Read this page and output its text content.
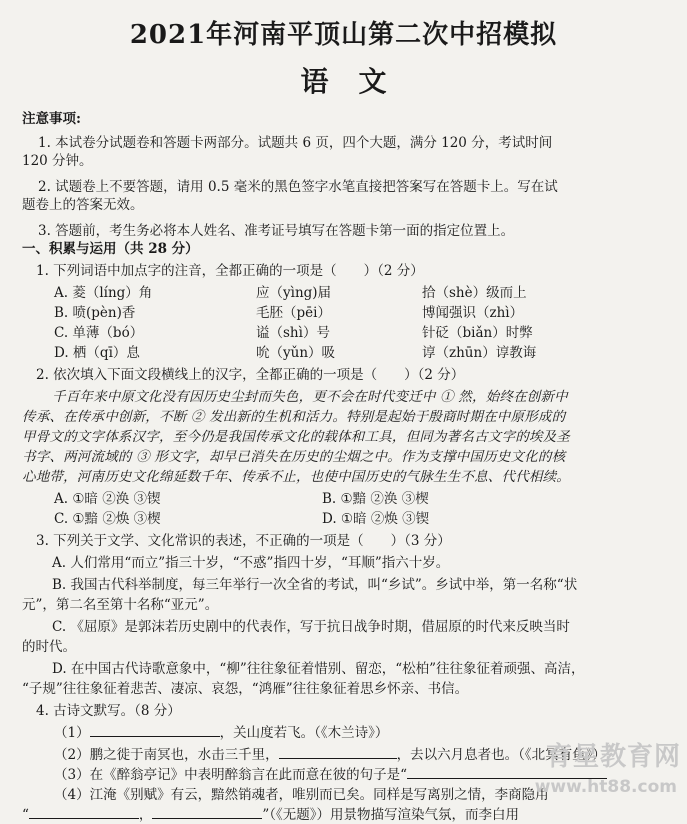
2021年河南平顶山第二次中招模拟
语文
注意事项:
1. 本试卷分试题卷和答题卡两部分。试题共 6 页，四个大题，满分 120 分，考试时间
120 分钟。
2. 试题卷上不要答题，请用 0.5 毫米的黑色签字水笔直接把答案写在答题卡上。写在试
题卷上的答案无效。
3. 答题前，考生务必将本人姓名、准考证号填写在答题卡第一面的指定位置上。
一、积累与运用（共 28 分）
1. 下列词语中加点字的注音，全都正确的一项是（　　）（2 分）
A. 菱（líng）角	应（yìng)届	拾（shè）级而上
B. 喷(pèn)香	毛胚（pēi）	博闻强识（zhì）
C. 单薄（bó）	谥（shì）号	针砭（biǎn）时弊
D. 栖（qī）息	吮（yǔn）吸	谆（zhūn）谆教诲
2. 依次填入下面文段横线上的汉字，全都正确的一项是（　　）（2 分）
千百年来中原文化没有因历史尘封而失色，更不会在时代变迁中 ① 然，始终在创新中
传承、在传承中创新，不断 ② 发出新的生机和活力。特别是起始于殷商时期在中原形成的
甲骨文的文字体系汉字，至今仍是我国传承文化的载体和工具，但同为著名古文字的埃及圣
书字、两河流域的 ③ 形文字，却早已消失在历史的尘烟之中。作为支撑中国历史文化的核
心地带，河南历史文化绵延数千年、传承不止，也使中国历史的气脉生生不息、代代相续。
A. ①暗 ②涣 ③锲	B. ①黯 ②涣 ③楔
C. ①黯 ②焕 ③楔	D. ①暗 ②焕 ③锲
3. 下列关于文学、文化常识的表述，不正确的一项是（　　）（3 分）
A. 人们常用“而立”指三十岁，“不惑”指四十岁，“耳顺”指六十岁。
B. 我国古代科举制度，每三年举行一次全省的考试，叫“乡试”。乡试中举，第一名称“状
元”，第二名至第十名称“亚元”。
C. 《屈原》是郭沫若历史剧中的代表作，写于抗日战争时期，借屈原的时代来反映当时
的时代。
D. 在中国古代诗歌意象中，“柳”往往象征着惜别、留恋，“松柏”往往象征着顽强、高洁，
“子规”往往象征着悲苦、凄凉、哀怨，“鸿雁”往往象征着思乡怀亲、书信。
4. 古诗文默写。（8 分）
（1）	，关山度若飞。（《木兰诗》）
（2）鹏之徙于南冥也，水击三千里，	，去以六月息者也。（《北冥有鱼》）
（3）在《醉翁亭记》中表明醉翁言在此而意在彼的句子是“
（4）江淹《别赋》有云，黯然销魂者，唯别而已矣。同样是写离别之情，李商隐用
“	，	”（《无题》）用景物描写渲染气氛，而李白用
育星教育网
www.ht88.com
